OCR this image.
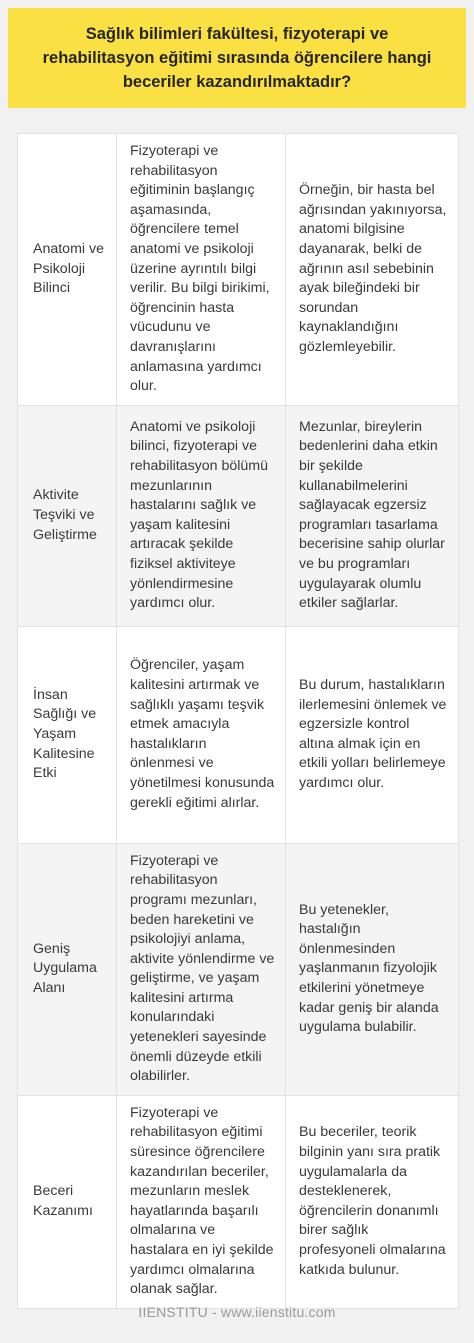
Sağlık bilimleri fakültesi, fizyoterapi ve rehabilitasyon eğitimi sırasında öğrencilere hangi beceriler kazandırılmaktadır?
Anatomi ve Psikoloji Bilinci	Fizyoterapi ve rehabilitasyon eğitiminin başlangıç aşamasında, öğrencilere temel anatomi ve psikoloji üzerine ayrıntılı bilgi verilir. Bu bilgi birikimi, öğrencinin hasta vücudunu ve davranışlarını anlamasına yardımcı olur.	Örneğin, bir hasta bel ağrısından yakınıyorsa, anatomi bilgisine dayanarak, belki de ağrının asıl sebebinin ayak bileğindeki bir sorundan kaynaklandığını gözlemleyebilir.
Aktivite Teşviki ve Geliştirme	Anatomi ve psikoloji bilinci, fizyoterapi ve rehabilitasyon bölümü mezunlarının hastalarını sağlık ve yaşam kalitesini artıracak şekilde fiziksel aktiviteye yönlendirmesine yardımcı olur.	Mezunlar, bireylerin bedenlerini daha etkin bir şekilde kullanabilmelerini sağlayacak egzersiz programları tasarlama becerisine sahip olurlar ve bu programları uygulayarak olumlu etkiler sağlarlar.
İnsan Sağlığı ve Yaşam Kalitesine Etki	Öğrenciler, yaşam kalitesini artırmak ve sağlıklı yaşamı teşvik etmek amacıyla hastalıkların önlenmesi ve yönetilmesi konusunda gerekli eğitimi alırlar.	Bu durum, hastalıkların ilerlemesini önlemek ve egzersizle kontrol altına almak için en etkili yolları belirlemeye yardımcı olur.
Geniş Uygulama Alanı	Fizyoterapi ve rehabilitasyon programı mezunları, beden hareketini ve psikolojiyi anlama, aktivite yönlendirme ve geliştirme, ve yaşam kalitesini artırma konularındaki yetenekleri sayesinde önemli düzeyde etkili olabilirler.	Bu yetenekler, hastalığın önlenmesinden yaşlanmanın fizyolojik etkilerini yönetmeye kadar geniş bir alanda uygulama bulabilir.
Beceri Kazanımı	Fizyoterapi ve rehabilitasyon eğitimi süresince öğrencilere kazandırılan beceriler, mezunların meslek hayatlarında başarılı olmalarına ve hastalara en iyi şekilde yardımcı olmalarına olanak sağlar.	Bu beceriler, teorik bilginin yanı sıra pratik uygulamalarla da desteklenerek, öğrencilerin donanımlı birer sağlık profesyoneli olmalarına katkıda bulunur.
IIENSTITU - www.iienstitu.com
